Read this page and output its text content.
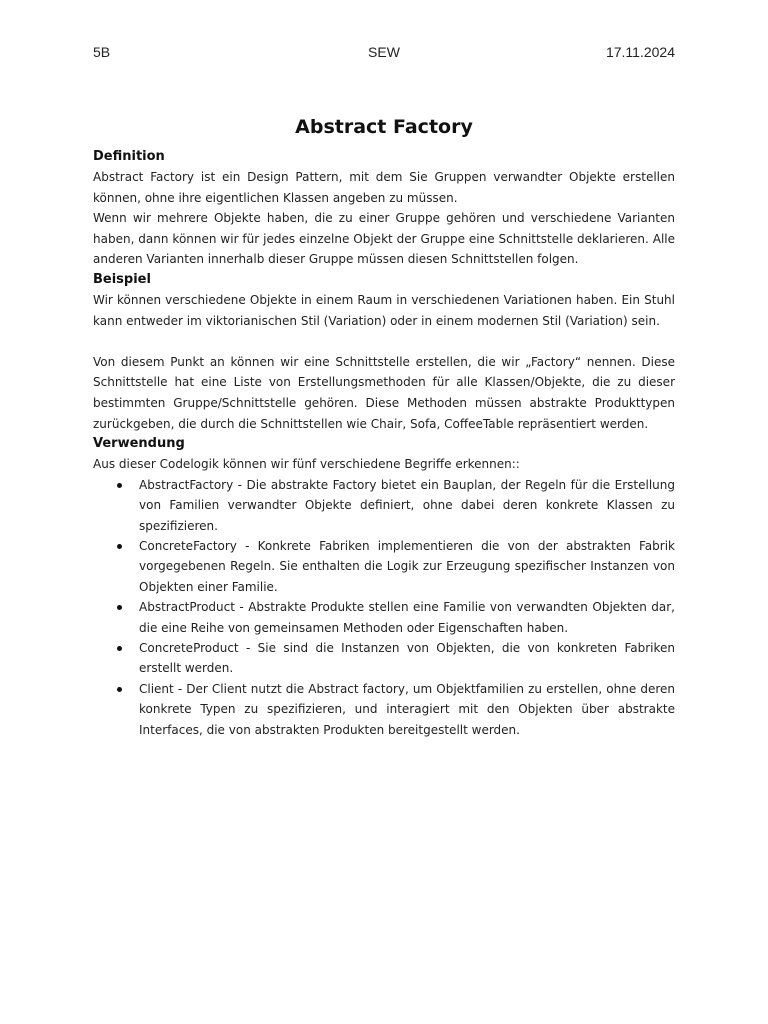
5B	SEW	17.11.2024
Abstract Factory
Definition

Abstract Factory ist ein Design Pattern, mit dem Sie Gruppen verwandter Objekte erstellen können, ohne ihre eigentlichen Klassen angeben zu müssen.

Wenn wir mehrere Objekte haben, die zu einer Gruppe gehören und verschiedene Varianten haben, dann können wir für jedes einzelne Objekt der Gruppe eine Schnittstelle deklarieren. Alle anderen Varianten innerhalb dieser Gruppe müssen diesen Schnittstellen folgen.

Beispiel

Wir können verschiedene Objekte in einem Raum in verschiedenen Variationen haben. Ein Stuhl kann entweder im viktorianischen Stil (Variation) oder in einem modernen Stil (Variation) sein.

Von diesem Punkt an können wir eine Schnittstelle erstellen, die wir „Factory“ nennen. Diese Schnittstelle hat eine Liste von Erstellungsmethoden für alle Klassen/Objekte, die zu dieser bestimmten Gruppe/Schnittstelle gehören. Diese Methoden müssen abstrakte Produkttypen zurückgeben, die durch die Schnittstellen wie Chair, Sofa, CoffeeTable repräsentiert werden.

Verwendung

Aus dieser Codelogik können wir fünf verschiedene Begriffe erkennen::

AbstractFactory - Die abstrakte Factory bietet ein Bauplan, der Regeln für die Erstellung von Familien verwandter Objekte definiert, ohne dabei deren konkrete Klassen zu spezifizieren.
ConcreteFactory - Konkrete Fabriken implementieren die von der abstrakten Fabrik vorgegebenen Regeln. Sie enthalten die Logik zur Erzeugung spezifischer Instanzen von Objekten einer Familie.
AbstractProduct - Abstrakte Produkte stellen eine Familie von verwandten Objekten dar, die eine Reihe von gemeinsamen Methoden oder Eigenschaften haben.
ConcreteProduct - Sie sind die Instanzen von Objekten, die von konkreten Fabriken erstellt werden.
Client - Der Client nutzt die Abstract factory, um Objektfamilien zu erstellen, ohne deren konkrete Typen zu spezifizieren, und interagiert mit den Objekten über abstrakte Interfaces, die von abstrakten Produkten bereitgestellt werden.
